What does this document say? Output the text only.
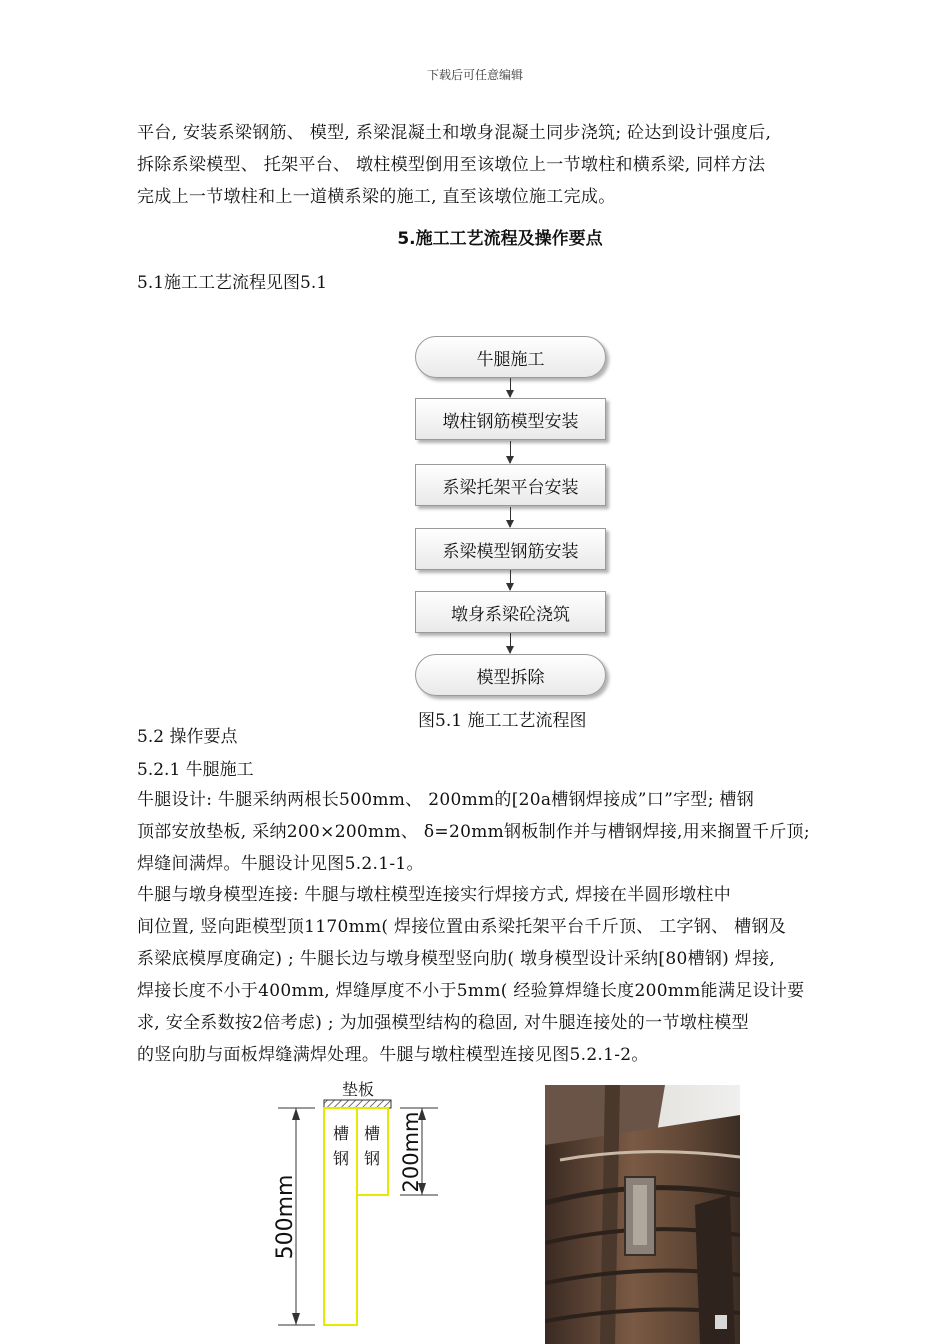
下载后可任意编辑
平台, 安装系梁钢筋、 模型, 系梁混凝土和墩身混凝土同步浇筑; 砼达到设计强度后,
拆除系梁模型、 托架平台、 墩柱模型倒用至该墩位上一节墩柱和横系梁, 同样方法
完成上一节墩柱和上一道横系梁的施工, 直至该墩位施工完成。
5.施工工艺流程及操作要点
5.1施工工艺流程见图5.1
牛腿施工
墩柱钢筋模型安装
系梁托架平台安装
系梁模型钢筋安装
墩身系梁砼浇筑
模型拆除
图5.1 施工工艺流程图
5.2 操作要点
5.2.1 牛腿施工
牛腿设计: 牛腿采纳两根长500mm、 200mm的[20a槽钢焊接成”口”字型; 槽钢
顶部安放垫板, 采纳200×200mm、 δ=20mm钢板制作并与槽钢焊接,用来搁置千斤顶;
焊缝间满焊。牛腿设计见图5.2.1-1。
牛腿与墩身模型连接: 牛腿与墩柱模型连接实行焊接方式, 焊接在半圆形墩柱中
间位置, 竖向距模型顶1170mm( 焊接位置由系梁托架平台千斤顶、 工字钢、 槽钢及
系梁底模厚度确定) ; 牛腿长边与墩身模型竖向肋( 墩身模型设计采纳[80槽钢) 焊接,
焊接长度不小于400mm, 焊缝厚度不小于5mm( 经验算焊缝长度200mm能满足设计要
求, 安全系数按2倍考虑) ; 为加强模型结构的稳固, 对牛腿连接处的一节墩柱模型
的竖向肋与面板焊缝满焊处理。牛腿与墩柱模型连接见图5.2.1-2。
垫板
槽
钢
槽
钢
500mm
200mm
